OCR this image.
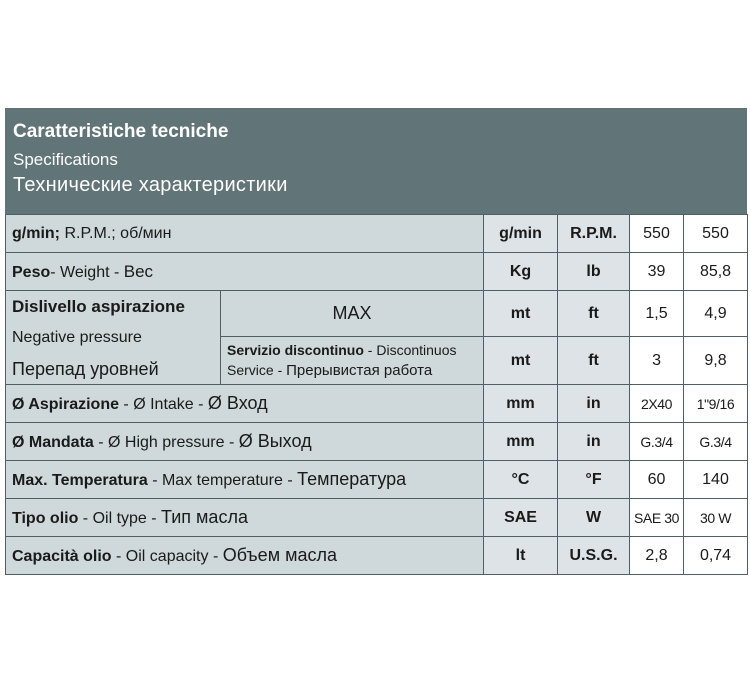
Caratteristiche tecniche
Specifications
Технические характеристики
g/min; R.P.M.; об/мин		g/min	R.P.M.	550	550
Peso- Weight - Вес		Kg	lb	39	85,8

Dislivello aspirazione
Negative pressure
Перепад уровней	MAX	mt	ft	1,5	4,9
	Servizio discontinuo - Discontinuos
Service - Прерывистая работа	mt	ft	3	9,8
Ø Aspirazione - Ø Intake - Ø Вход		mm	in	2X40	1"9/16
Ø Mandata - Ø High pressure - Ø Выход		mm	in	G.3/4	G.3/4
Max. Temperatura - Max temperature - Температура		°C	°F	60	140
Tipo olio - Oil type - Тип масла		SAE	W	SAE 30	30 W
Capacità olio - Oil capacity - Объем масла		lt	U.S.G.	2,8	0,74
